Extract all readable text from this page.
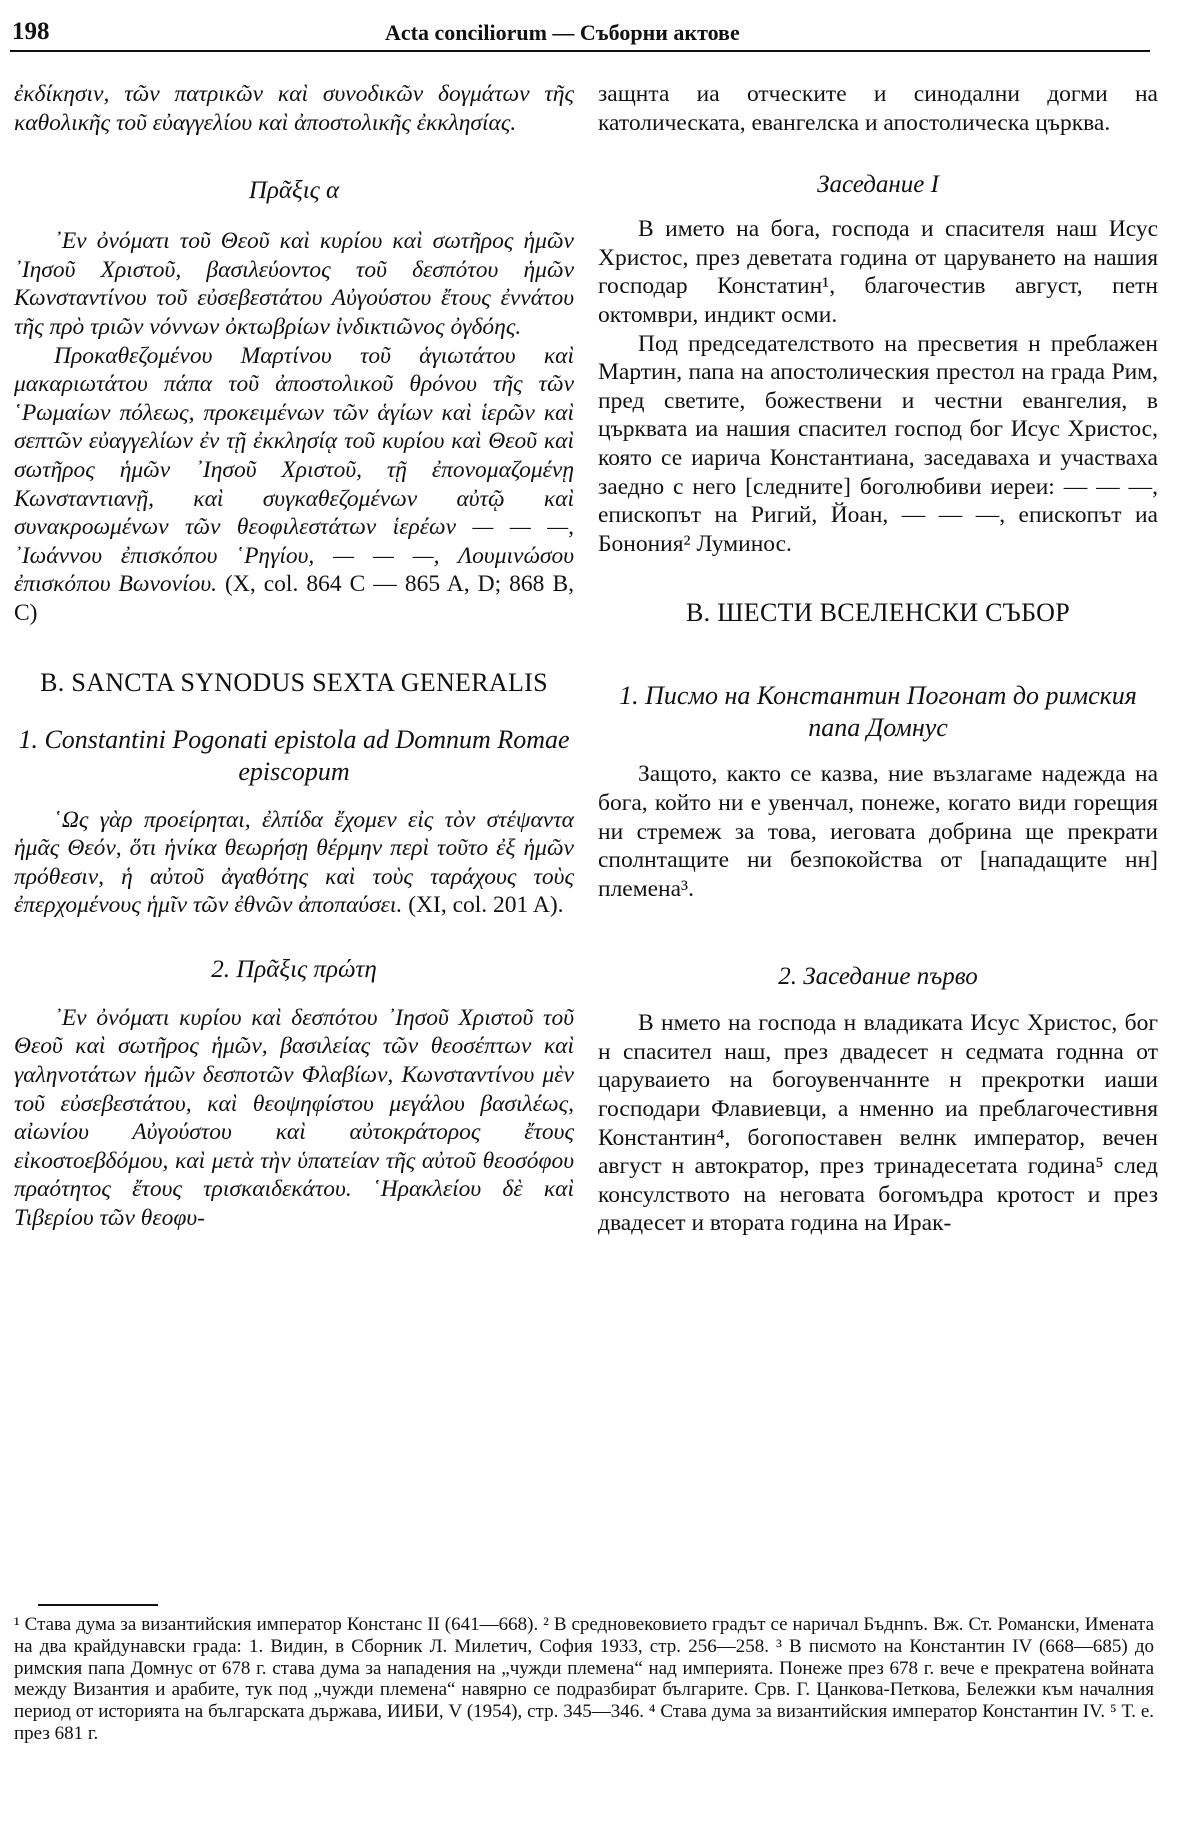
198	Acta conciliorum — Съборни актове

ἐκδίκησιν, τῶν πατρικῶν καὶ συνοδικῶν δογμάτων τῆς καθολικῆς τοῦ εὐαγγελίου καὶ ἀποστολικῆς ἐκκλησίας.

Πρᾶξις α

᾿Εν ὀνόματι τοῦ Θεοῦ καὶ κυρίου καὶ σωτῆρος ἡμῶν ᾿Ιησοῦ Χριστοῦ, βασιλεύοντος τοῦ δεσπότου ἡμῶν Κωνσταντίνου τοῦ εὐσεβεστάτου Αὐγούστου ἔτους ἐννάτου τῆς πρὸ τριῶν νόννων ὀκτωβρίων ἰνδικτιῶνος ὀγδόης.

Προκαθεζομένου Μαρτίνου τοῦ ἁγιωτάτου καὶ μακαριωτάτου πάπα τοῦ ἀποστολικοῦ θρόνου τῆς τῶν ῾Ρωμαίων πόλεως, προκειμένων τῶν ἁγίων καὶ ἱερῶν καὶ σεπτῶν εὐαγγελίων ἐν τῇ ἐκκλησίᾳ τοῦ κυρίου καὶ Θεοῦ καὶ σωτῆρος ἡμῶν ᾿Ιησοῦ Χριστοῦ, τῇ ἐπονομαζομένῃ Κωνσταντιανῇ, καὶ συγκαθεζομένων αὐτῷ καὶ συνακροωμένων τῶν θεοφιλεστάτων ἱερέων — — —, ᾿Ιωάννου ἐπισκόπου ῾Ρηγίου, — — —, Λουμινώσου ἐπισκόπου Βωνονίου. (X, col. 864 C — 865 A, D; 868 B, C)

B. SANCTA SYNODUS SEXTA GENERALIS

1. Constantini Pogonati epistola ad Domnum Romae episcopum

῾Ως γὰρ προείρηται, ἐλπίδα ἔχομεν εἰς τὸν στέψαντα ἡμᾶς Θεόν, ὅτι ἡνίκα θεωρήσῃ θέρμην περὶ τοῦτο ἐξ ἡμῶν πρόθεσιν, ἡ αὐτοῦ ἀγαθότης καὶ τοὺς ταράχους τοὺς ἐπερχομένους ἡμῖν τῶν ἐθνῶν ἀποπαύσει. (XI, col. 201 A).

2. Πρᾶξις πρώτη

᾿Εν ὀνόματι κυρίου καὶ δεσπότου ᾿Ιησοῦ Χριστοῦ τοῦ Θεοῦ καὶ σωτῆρος ἡμῶν, βασιλείας τῶν θεοσέπτων καὶ γαληνοτάτων ἡμῶν δεσποτῶν Φλαβίων, Κωνσταντίνου μὲν τοῦ εὐσεβεστάτου, καὶ θεοψηφίστου μεγάλου βασιλέως, αἰωνίου Αὐγούστου καὶ αὐτοκράτορος ἔτους εἰκοστοεβδόμου, καὶ μετὰ τὴν ὑπατείαν τῆς αὐτοῦ θεοσόφου πραότητος ἔτους τρισκαιδεκάτου. ῾Ηρακλείου δὲ καὶ Τιβερίου τῶν θεοφυ-

защнта иа отческите и синодални догми на католическата, евангелска и апостолическа църква.

Заседание I

В името на бога, господа и спасителя наш Исус Христос, през деветата година от царуването на нашия господар Констатин¹, благочестив август, петн октомври, индикт осми.

Под председателството на пресветия н преблажен Мартин, папа на апостолическия престол на града Рим, пред светите, божествени и честни евангелия, в църквата иа нашия спасител господ бог Исус Христос, която се иарича Константиана, заседаваха и участваха заедно с него [следните] боголюбиви иереи: — — —, епископът на Ригий, Йоан, — — —, епископът иа Бонония² Луминос.

B. ШЕСТИ ВСЕЛЕНСКИ СЪБОР

1. Писмо на Константин Погонат до римския папа Домнус

Защото, както се казва, ние възлагаме надежда на бога, който ни е увенчал, понеже, когато види горещия ни стремеж за това, иеговата добрина ще прекрати сполнтащите ни безпокойства от [нападащите нн] племена³.

2. Заседание първо

В нмето на господа н владиката Исус Христос, бог н спасител наш, през двадесет н седмата годнна от царуваието на богоувенчаннте н прекротки иаши господари Флавиевци, а нменно иа преблагочестивня Константин⁴, богопоставен велнк император, вечен август н автократор, през тринадесетата година⁵ след консулството на неговата богомъдра кротост и през двадесет и втората година на Ирак-

¹ Става дума за византийския император Констанс II (641—668). ² В средновековието градът се наричал Бъднnъ. Вж. Ст. Романски, Имената на два крайдунавски града: 1. Видин, в Сборник Л. Милетич, София 1933, стр. 256—258. ³ В писмото на Константин IV (668—685) до римския папа Домнус от 678 г. става дума за нападения на „чужди племена“ над империята. Понеже през 678 г. вече е прекратена войната между Византия и арабите, тук под „чужди племена“ навярно се подразбират българите. Срв. Г. Цанкова-Петкова, Бележки към началния период от историята на българската държава, ИИБИ, V (1954), стр. 345—346. ⁴ Става дума за византийския император Константин IV. ⁵ Т. е. през 681 г.
